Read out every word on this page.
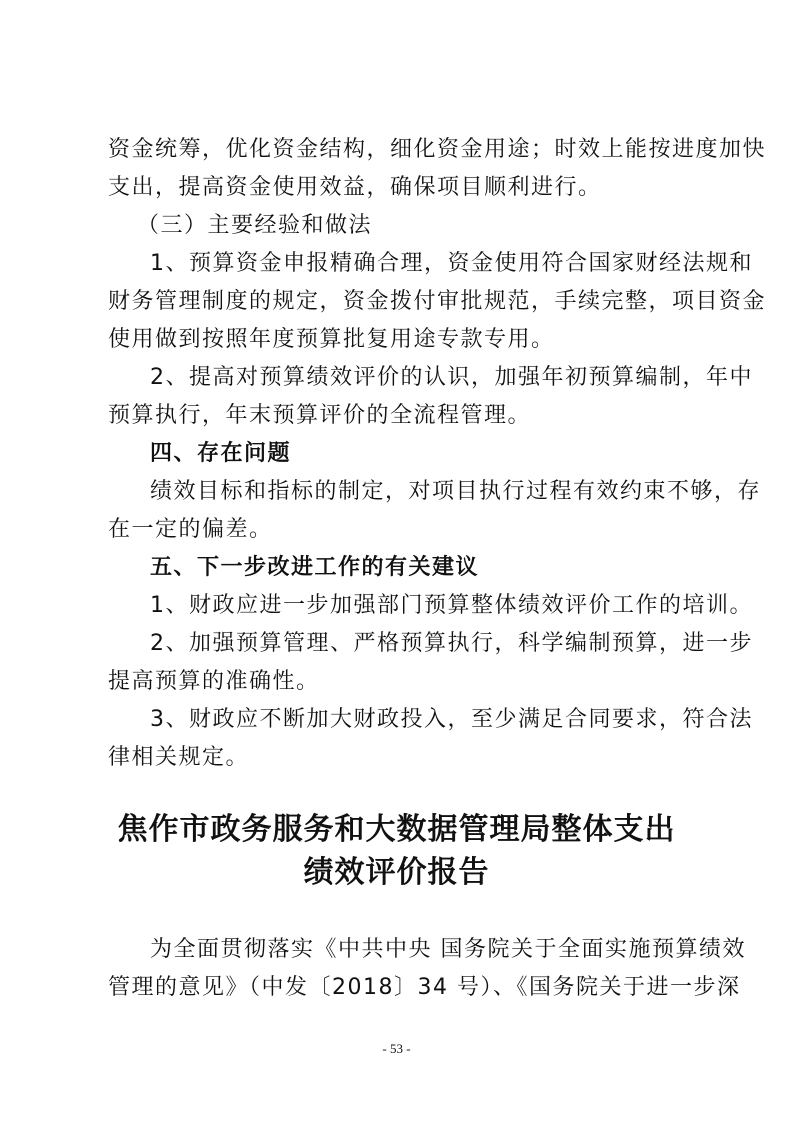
资金统筹，优化资金结构，细化资金用途；时效上能按进度加快
支出，提高资金使用效益，确保项目顺利进行。
（三）主要经验和做法
1、预算资金申报精确合理，资金使用符合国家财经法规和
财务管理制度的规定，资金拨付审批规范，手续完整，项目资金
使用做到按照年度预算批复用途专款专用。
2、提高对预算绩效评价的认识，加强年初预算编制，年中
预算执行，年末预算评价的全流程管理。
四、存在问题
绩效目标和指标的制定，对项目执行过程有效约束不够，存
在一定的偏差。
五、下一步改进工作的有关建议
1、财政应进一步加强部门预算整体绩效评价工作的培训。
2、加强预算管理、严格预算执行，科学编制预算，进一步
提高预算的准确性。
3、财政应不断加大财政投入，至少满足合同要求，符合法
律相关规定。
焦作市政务服务和大数据管理局整体支出
绩效评价报告
为全面贯彻落实《中共中央 国务院关于全面实施预算绩效
管理的意见》（中发〔2018〕34 号）、《国务院关于进一步深
- 53 -
